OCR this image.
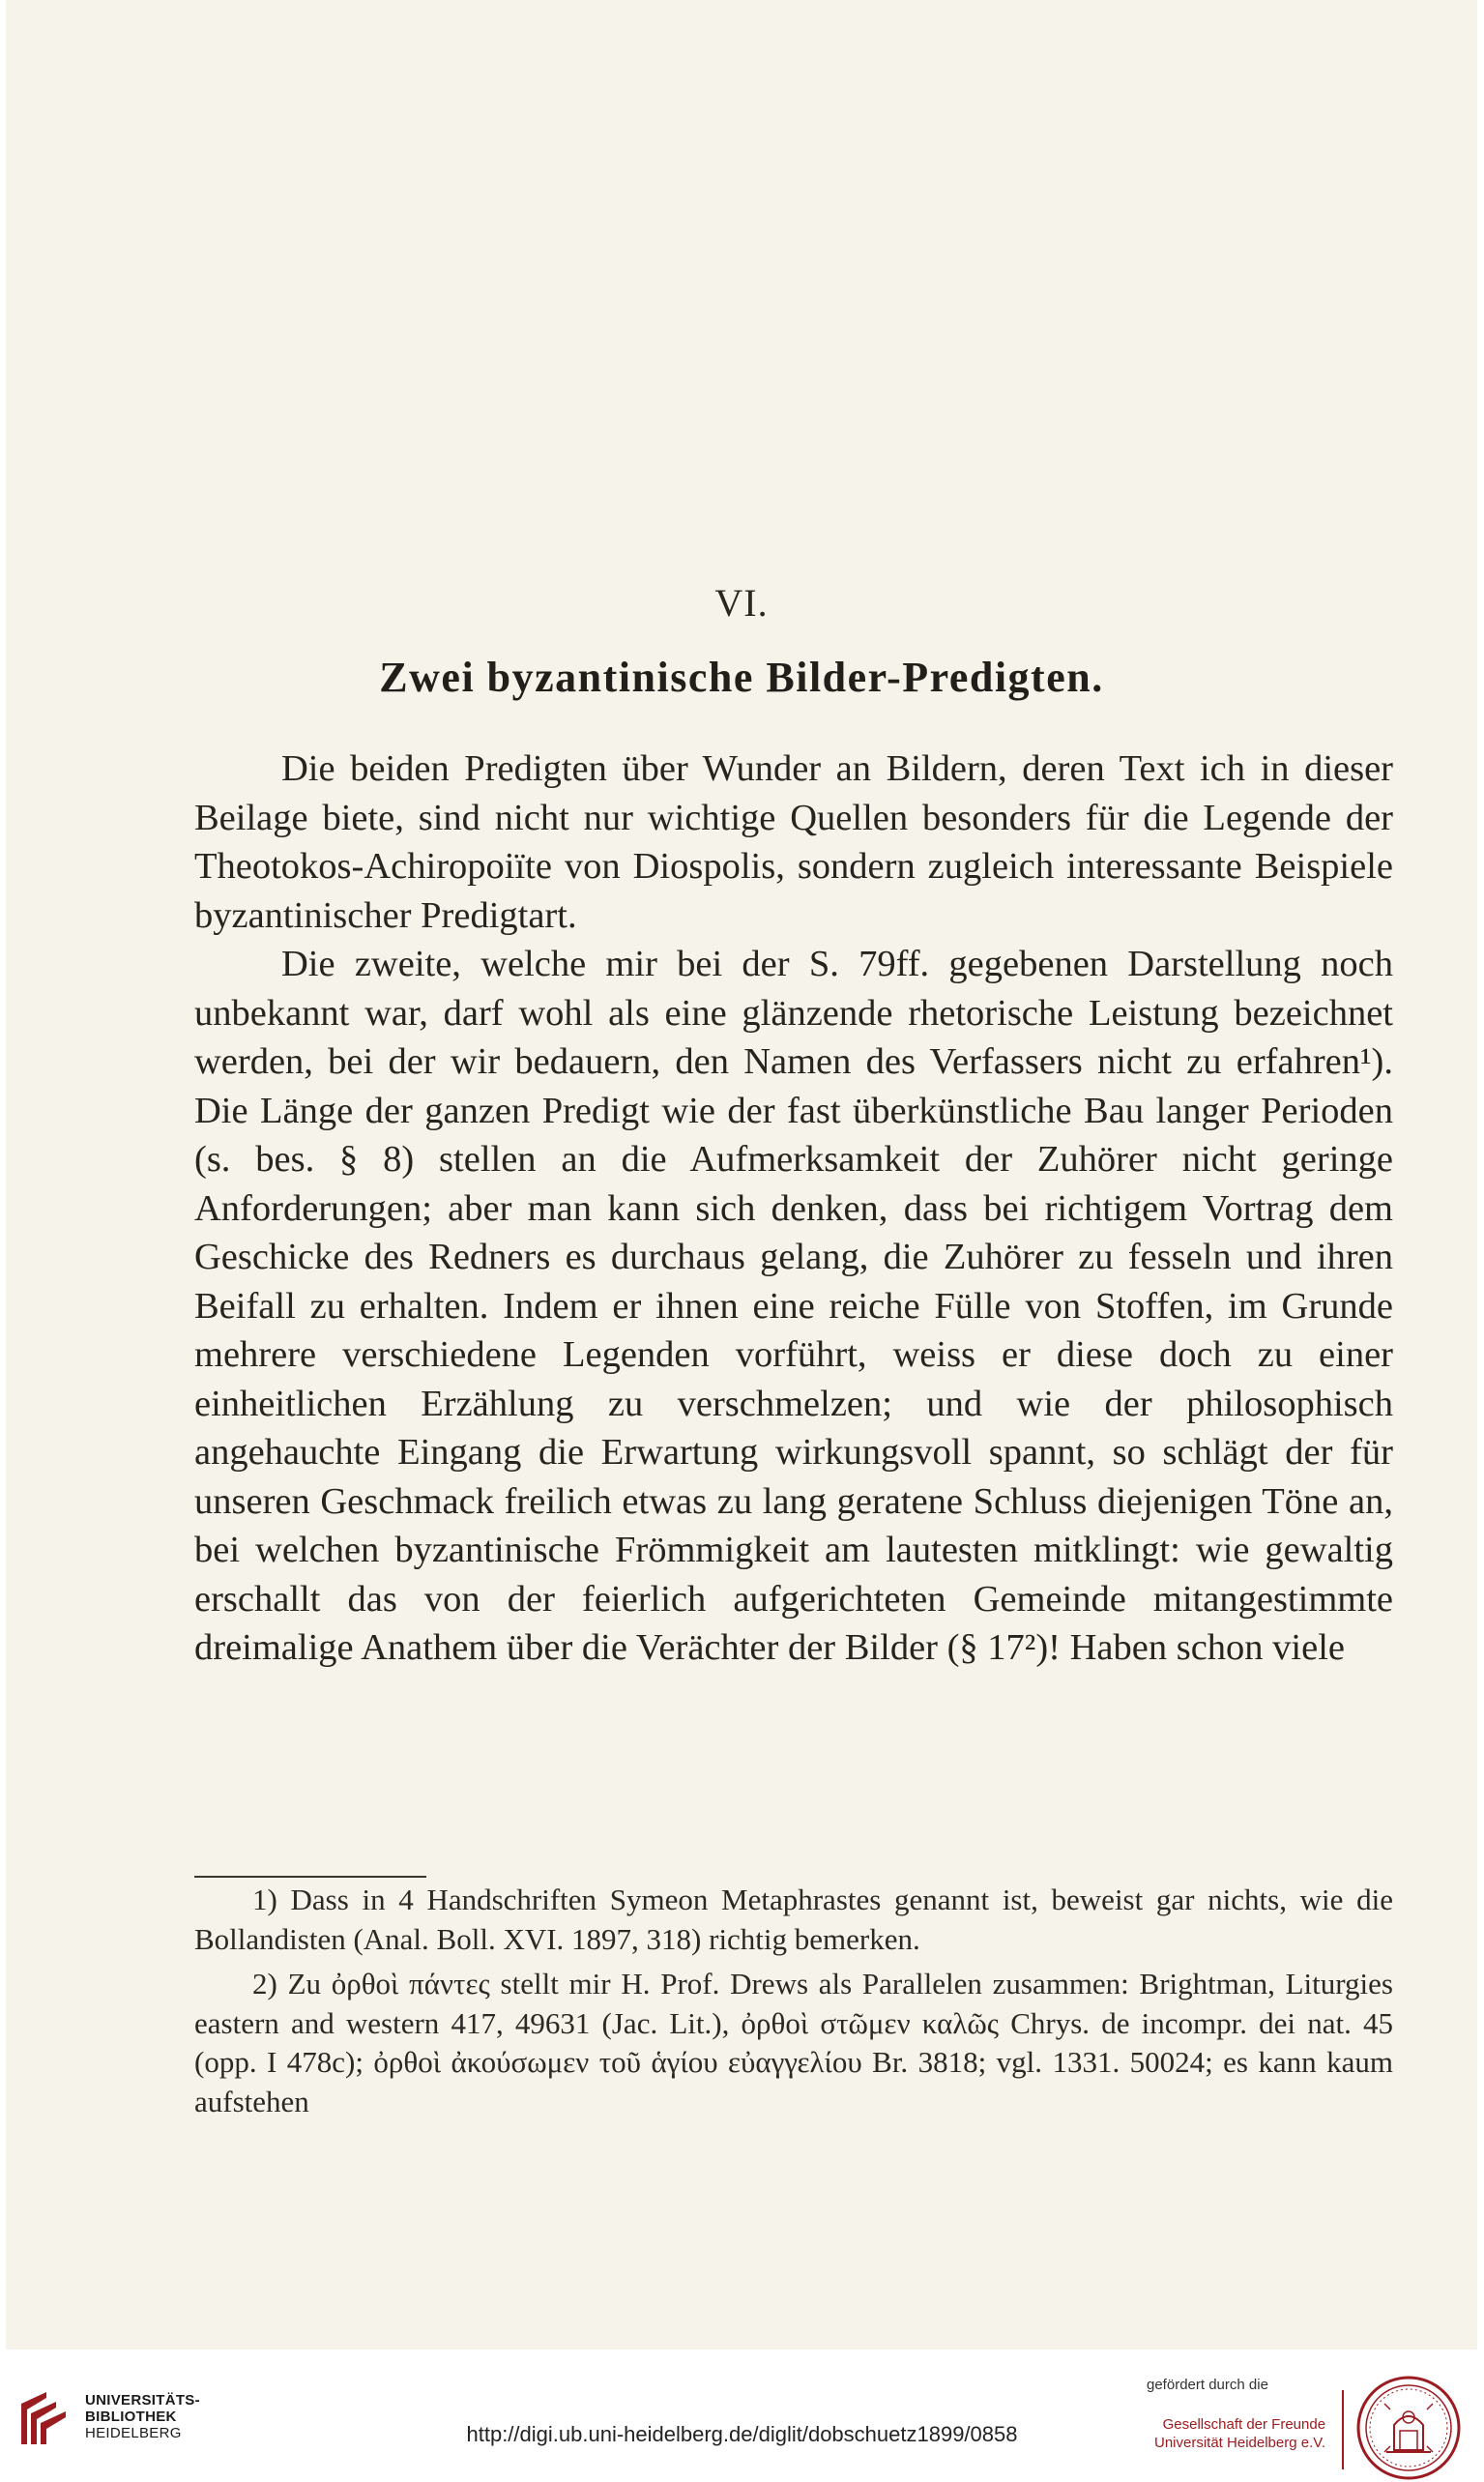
VI.
Zwei byzantinische Bilder-Predigten.

Die beiden Predigten über Wunder an Bildern, deren Text ich in dieser Beilage biete, sind nicht nur wichtige Quellen besonders für die Legende der Theotokos-Achiropoiïte von Diospolis, sondern zugleich interessante Beispiele byzantinischer Predigtart.

Die zweite, welche mir bei der S. 79ff. gegebenen Darstellung noch unbekannt war, darf wohl als eine glänzende rhetorische Leistung bezeichnet werden, bei der wir bedauern, den Namen des Verfassers nicht zu erfahren¹). Die Länge der ganzen Predigt wie der fast überkünstliche Bau langer Perioden (s. bes. § 8) stellen an die Aufmerksamkeit der Zuhörer nicht geringe Anforderungen; aber man kann sich denken, dass bei richtigem Vortrag dem Geschicke des Redners es durchaus gelang, die Zuhörer zu fesseln und ihren Beifall zu erhalten. Indem er ihnen eine reiche Fülle von Stoffen, im Grunde mehrere verschiedene Legenden vorführt, weiss er diese doch zu einer einheitlichen Erzählung zu verschmelzen; und wie der philosophisch angehauchte Eingang die Erwartung wirkungsvoll spannt, so schlägt der für unseren Geschmack freilich etwas zu lang geratene Schluss diejenigen Töne an, bei welchen byzantinische Frömmigkeit am lautesten mitklingt: wie gewaltig erschallt das von der feierlich aufgerichteten Gemeinde mitangestimmte dreimalige Anathem über die Verächter der Bilder (§ 17²)! Haben schon viele

1) Dass in 4 Handschriften Symeon Metaphrastes genannt ist, beweist gar nichts, wie die Bollandisten (Anal. Boll. XVI. 1897, 318) richtig bemerken.

2) Zu ὀρθοὶ πάντες stellt mir H. Prof. Drews als Parallelen zusammen: Brightman, Liturgies eastern and western 417, 49631 (Jac. Lit.), ὀρθοὶ στῶμεν καλῶς Chrys. de incompr. dei nat. 45 (opp. I 478c); ὀρθοὶ ἀκούσωμεν τοῦ ἁγίου εὐαγγελίου Br. 3818; vgl. 1331. 50024; es kann kaum aufstehen

UNIVERSITÄTS-
BIBLIOTHEK
HEIDELBERG	http://digi.ub.uni-heidelberg.de/diglit/dobschuetz1899/0858
gefördert durch die
Gesellschaft der Freunde
Universität Heidelberg e.V.
